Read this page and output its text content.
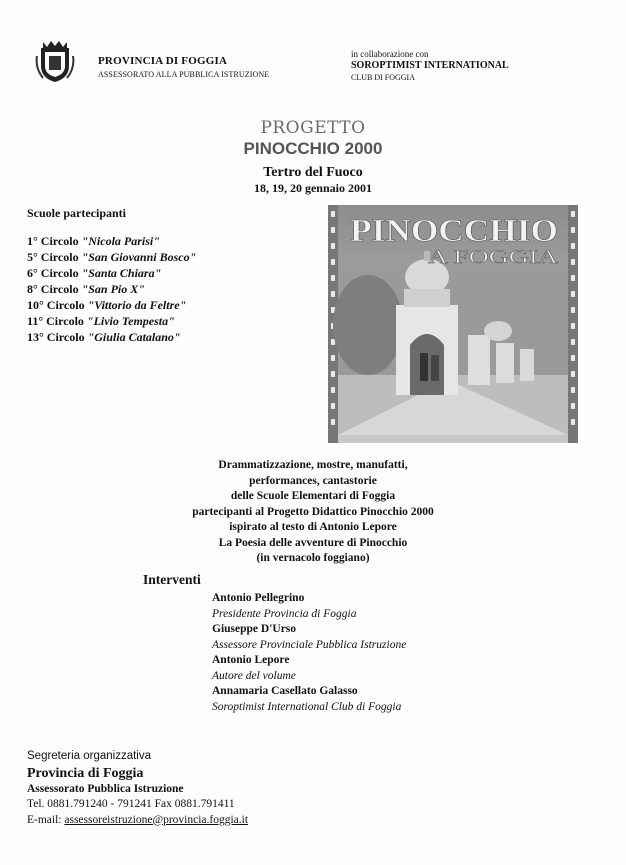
PROVINCIA DI FOGGIA
ASSESSORATO ALLA PUBBLICA ISTRUZIONE
in collaborazione con
SOROPTIMIST INTERNATIONAL
CLUB DI FOGGIA
PROGETTO
PINOCCHIO 2000
Tertro del Fuoco
18, 19, 20 gennaio 2001
Scuole partecipanti
1° Circolo "Nicola Parisi"
5° Circolo "San Giovanni Bosco"
6° Circolo "Santa Chiara"
8° Circolo "San Pio X"
10° Circolo "Vittorio da Feltre"
11° Circolo "Livio Tempesta"
13° Circolo "Giulia Catalano"
PINOCCHIO
A FOGGIA
Drammatizzazione, mostre, manufatti,
performances, cantastorie
delle Scuole Elementari di Foggia
partecipanti al Progetto Didattico Pinocchio 2000
ispirato al testo di Antonio Lepore
La Poesia delle avventure di Pinocchio
(in vernacolo foggiano)
Interventi
Antonio Pellegrino
Presidente Provincia di Foggia
Giuseppe D'Urso
Assessore Provinciale Pubblica Istruzione
Antonio Lepore
Autore del volume
Annamaria Casellato Galasso
Soroptimist International Club di Foggia
Segreteria organizzativa
Provincia di Foggia
Assessorato Pubblica Istruzione
Tel. 0881.791240 - 791241 Fax 0881.791411
E-mail: assessoreistruzione@provincia.foggia.it
